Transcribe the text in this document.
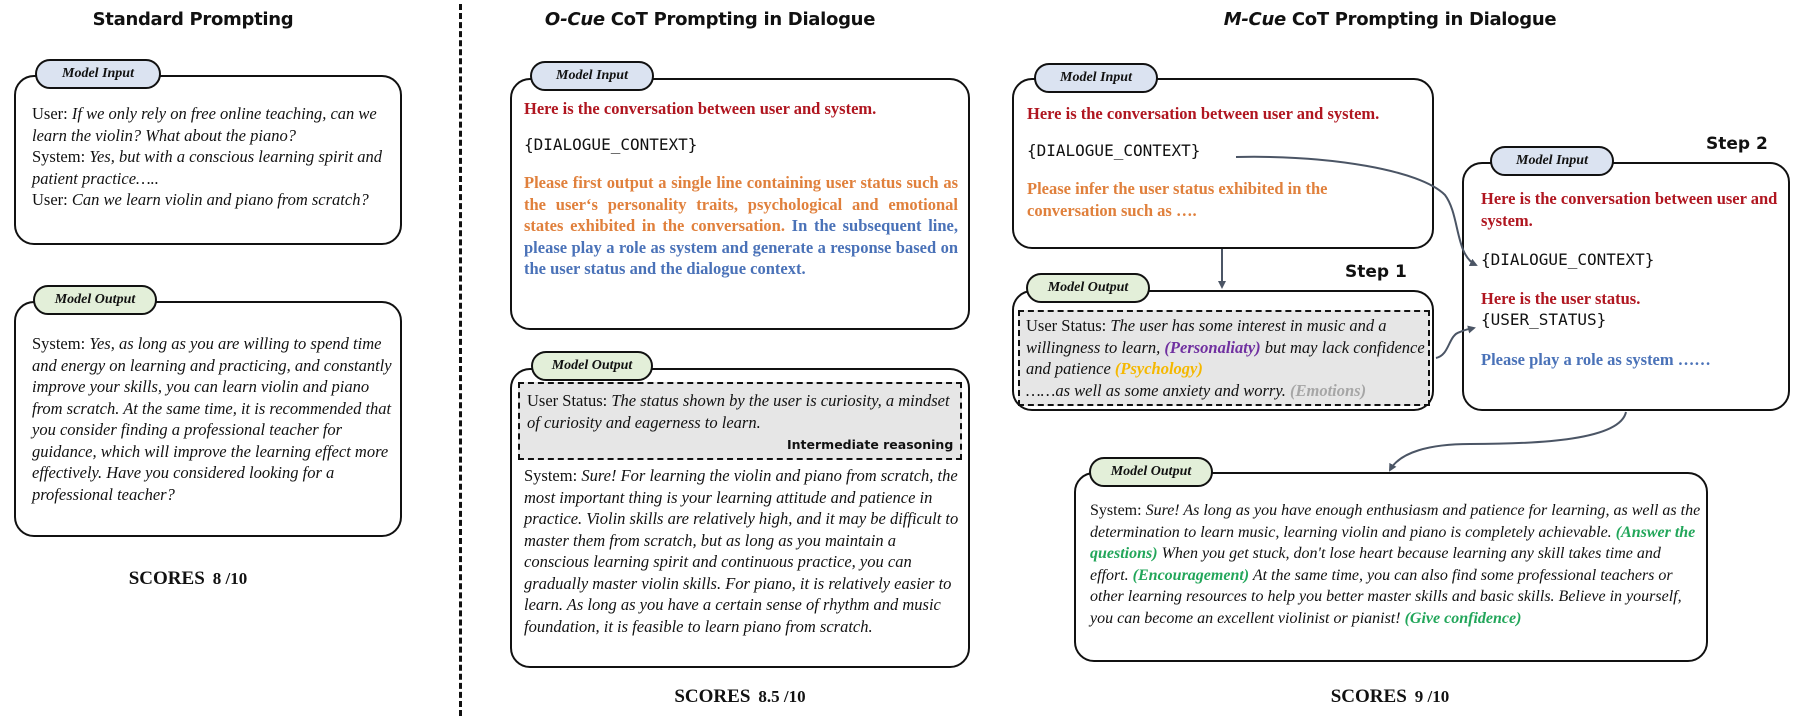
Standard Prompting
Model Input
User: If we only rely on free online teaching, can we learn the violin? What about the piano?
System: Yes, but with a conscious learning spirit and patient practice…..
User: Can we learn violin and piano from scratch?
Model Output
System: Yes, as long as you are willing to spend time and energy on learning and practicing, and constantly improve your skills, you can learn violin and piano from scratch. At the same time, it is recommended that you consider finding a professional teacher for guidance, which will improve the learning effect more effectively. Have you considered looking for a professional teacher?
SCORES 8 /10
O-Cue CoT Prompting in Dialogue
Model Input
Here is the conversation between user and system.
{DIALOGUE_CONTEXT}
Please first output a single line containing user status such as the user‘s personality traits, psychological and emotional states exhibited in the conversation. In the subsequent line, please play a role as system and generate a response based on the user status and the dialogue context.
Model Output
User Status: The status shown by the user is curiosity, a mindset of curiosity and eagerness to learn.
Intermediate reasoning
System: Sure! For learning the violin and piano from scratch, the most important thing is your learning attitude and patience in practice. Violin skills are relatively high, and it may be difficult to master them from scratch, but as long as you maintain a conscious learning spirit and continuous practice, you can gradually master violin skills. For piano, it is relatively easier to learn. As long as you have a certain sense of rhythm and music foundation, it is feasible to learn piano from scratch.
SCORES 8.5 /10
M-Cue CoT Prompting in Dialogue
Model Input
Here is the conversation between user and system.
{DIALOGUE_CONTEXT}
Please infer the user status exhibited in the conversation such as ….
Step 1
Model Output
User Status: The user has some interest in music and a willingness to learn, (Personaliaty) but may lack confidence and patience (Psychology)
……as well as some anxiety and worry. (Emotions)
Step 2
Model Input
Here is the conversation between user and system.
{DIALOGUE_CONTEXT}
Here is the user status.
{USER_STATUS}
Please play a role as system ……
Model Output
System: Sure! As long as you have enough enthusiasm and patience for learning, as well as the determination to learn music, learning violin and piano is completely achievable. (Answer the questions) When you get stuck, don't lose heart because learning any skill takes time and effort. (Encouragement) At the same time, you can also find some professional teachers or other learning resources to help you better master skills and basic skills. Believe in yourself, you can become an excellent violinist or pianist! (Give confidence)
SCORES 9 /10
